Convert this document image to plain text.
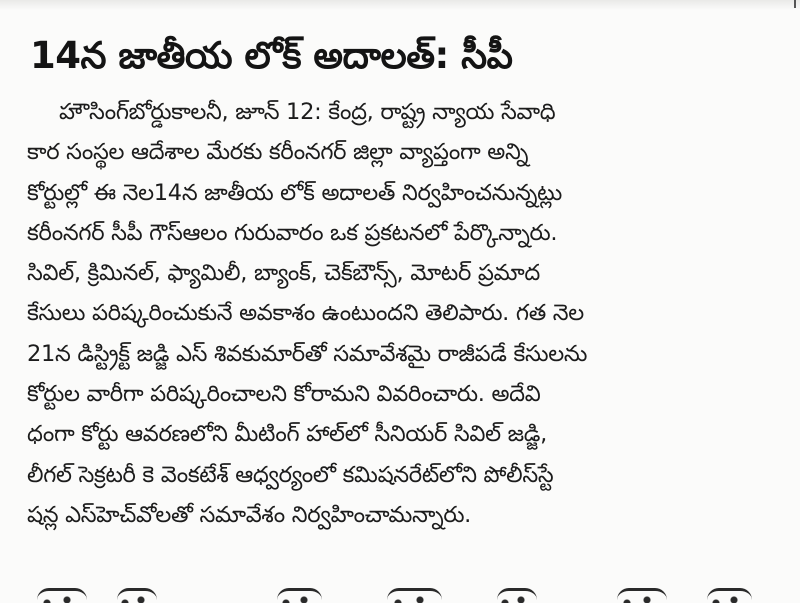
14న జాతీయ లోక్ అదాలత్: సీపీ
హౌసింగ్‌బోర్డుకాలనీ, జూన్ 12: కేంద్ర, రాష్ట్ర న్యాయ సేవాధి
కార సంస్థల ఆదేశాల మేరకు కరీంనగర్ జిల్లా వ్యాప్తంగా అన్ని
కోర్టుల్లో ఈ నెల14న జాతీయ లోక్ అదాలత్ నిర్వహించనున్నట్లు
కరీంనగర్ సీపీ గౌస్‌ఆలం గురువారం ఒక ప్రకటనలో పేర్కొన్నారు.
సివిల్, క్రిమినల్, ఫ్యామిలీ, బ్యాంక్, చెక్‌బౌన్స్, మోటర్ ప్రమాద
కేసులు పరిష్కరించుకునే అవకాశం ఉంటుందని తెలిపారు. గత నెల
21న డిస్ట్రిక్ట్ జడ్జి ఎస్ శివకుమార్‌తో సమావేశమై రాజీపడే కేసులను
కోర్టుల వారీగా పరిష్కరించాలని కోరామని వివరించారు. అదేవి
ధంగా కోర్టు ఆవరణలోని మీటింగ్ హాల్‌లో సీనియర్ సివిల్ జడ్జి,
లీగల్ సెక్రటరీ కె వెంకటేశ్ ఆధ్వర్యంలో కమిషనరేట్‌లోని పోలీస్‌స్టే
షన్ల ఎస్‌హెచ్‌వోలతో సమావేశం నిర్వహించామన్నారు.
